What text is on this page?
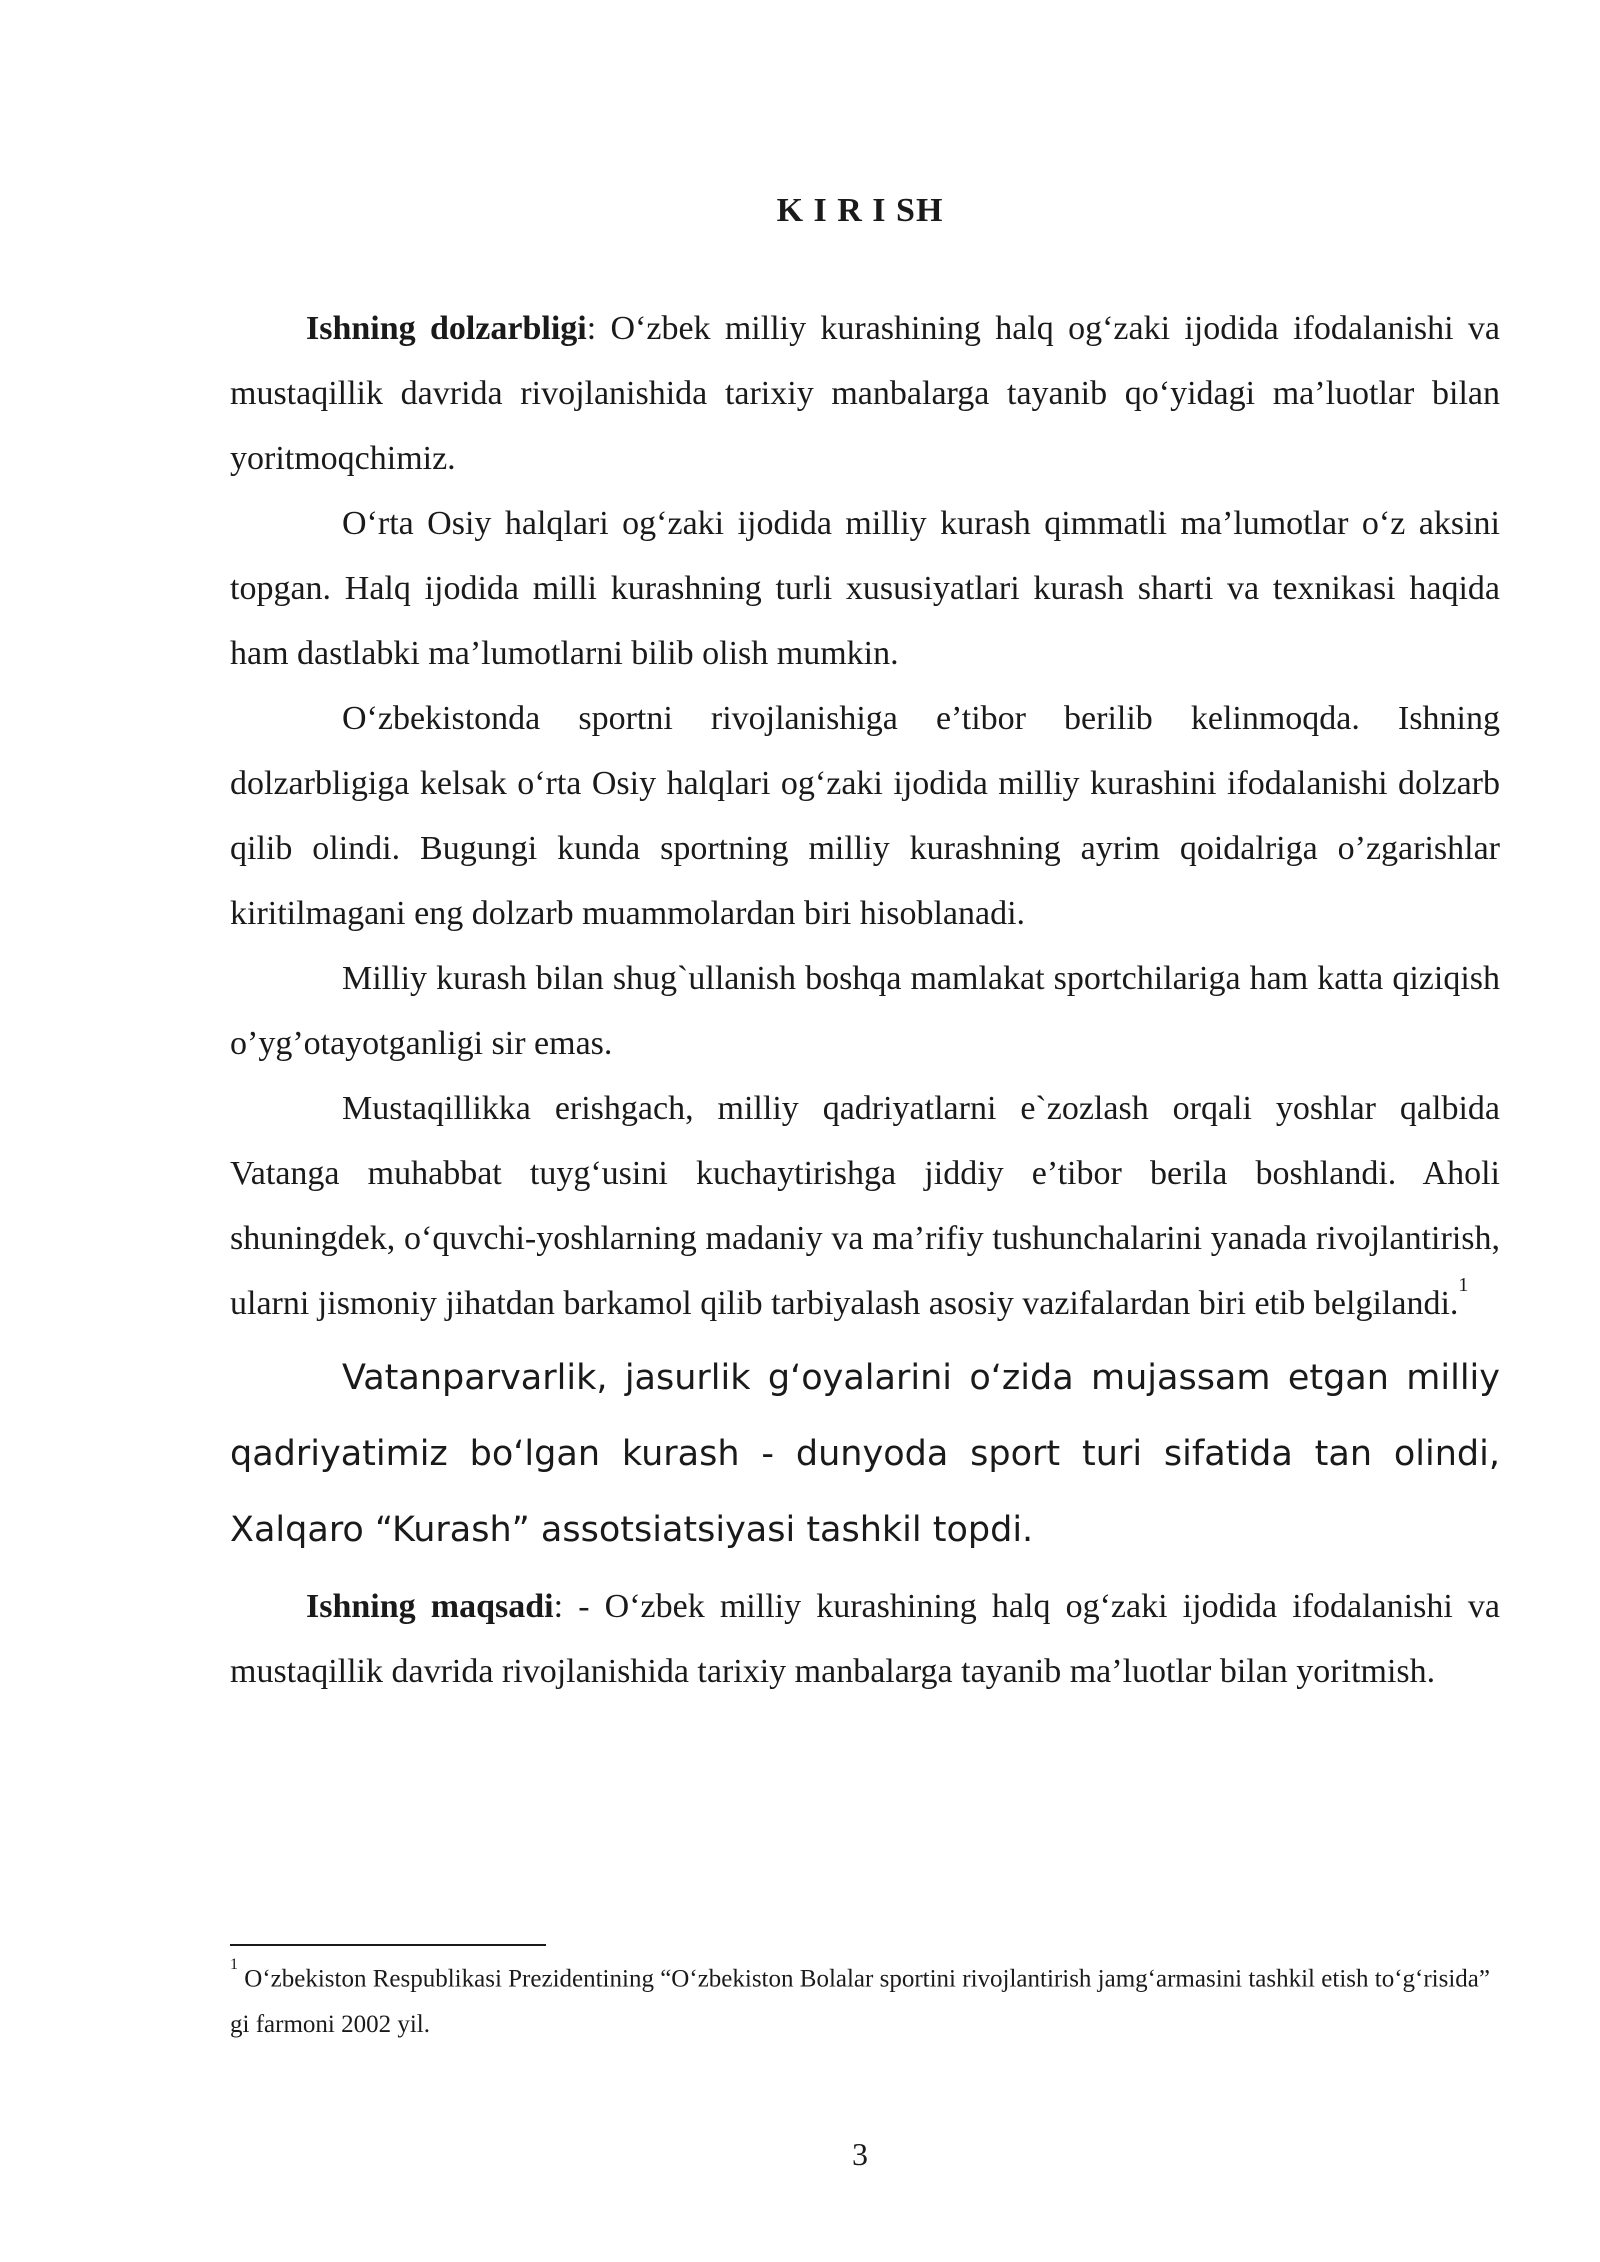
K I R I SH

Ishning dolzarbligi: O‘zbek milliy kurashining halq og‘zaki ijodida ifodalanishi va mustaqillik davrida rivojlanishida tarixiy manbalarga tayanib qo‘yidagi ma’luotlar bilan yoritmoqchimiz.

O‘rta Osiy halqlari og‘zaki ijodida milliy kurash qimmatli ma’lumotlar o‘z aksini topgan. Halq ijodida milli kurashning turli xususiyatlari kurash sharti va texnikasi haqida ham dastlabki ma’lumotlarni bilib olish mumkin.

O‘zbekistonda sportni rivojlanishiga e’tibor berilib kelinmoqda. Ishning dolzarbligiga kelsak o‘rta Osiy halqlari og‘zaki ijodida milliy kurashini ifodalanishi dolzarb qilib olindi. Bugungi kunda sportning milliy kurashning ayrim qoidalriga o’zgarishlar kiritilmagani eng dolzarb muammolardan biri hisoblanadi.

Milliy kurash bilan shug`ullanish boshqa mamlakat sportchilariga ham katta qiziqish o’yg’otayotganligi sir emas.

Mustaqillikka erishgach, milliy qadriyatlarni e`zozlash orqali yoshlar qalbida Vatanga muhabbat tuyg‘usini kuchaytirishga jiddiy e’tibor berila boshlandi. Aholi shuningdek, o‘quvchi-yoshlarning madaniy va ma’rifiy tushunchalarini yanada rivojlantirish, ularni jismoniy jihatdan barkamol qilib tarbiyalash asosiy vazifalardan biri etib belgilandi.$^1$

Vatanparvarlik, jasurlik g‘oyalarini o‘zida mujassam etgan milliy qadriyatimiz bo‘lgan kurash - dunyoda sport turi sifatida tan olindi, Xalqaro “Kurash” assotsiatsiyasi tashkil topdi.

Ishning maqsadi: - O‘zbek milliy kurashining halq og‘zaki ijodida ifodalanishi va mustaqillik davrida rivojlanishida tarixiy manbalarga tayanib ma’luotlar bilan yoritmish.

$^1$ O‘zbekiston Respublikasi Prezidentining “O‘zbekiston Bolalar sportini rivojlantirish jamg‘armasini tashkil etish to‘g‘risida” gi farmoni 2002 yil.
3
